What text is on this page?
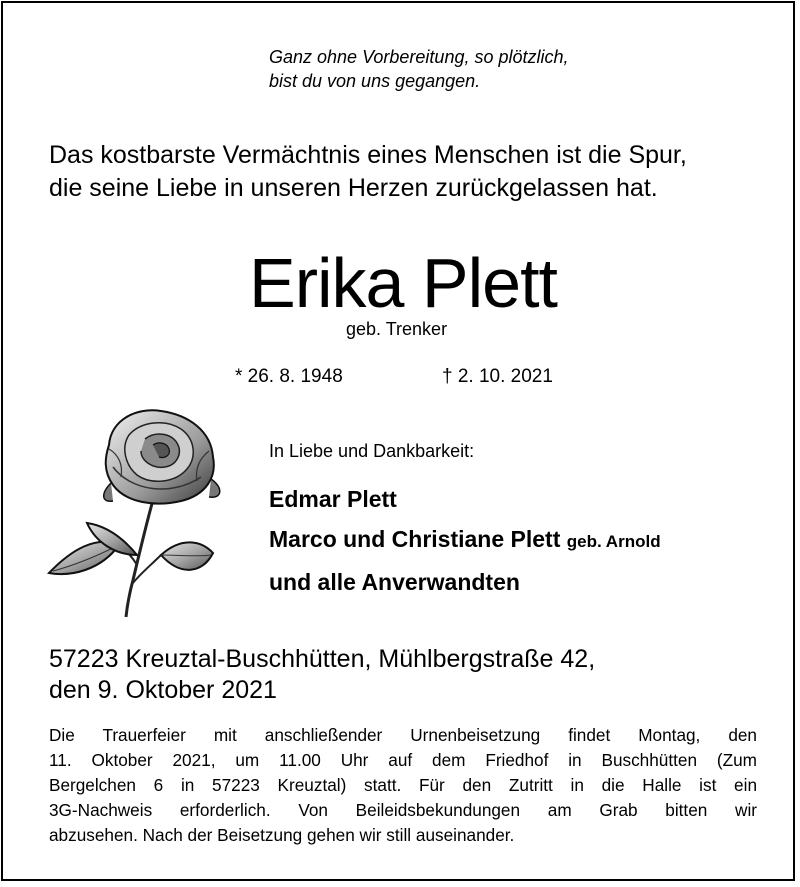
Ganz ohne Vorbereitung, so plötzlich,
bist du von uns gegangen.
Das kostbarste Vermächtnis eines Menschen ist die Spur,
die seine Liebe in unseren Herzen zurückgelassen hat.
Erika Plett
geb. Trenker
* 26. 8. 1948	† 2. 10. 2021
In Liebe und Dankbarkeit:
Edmar Plett
Marco und Christiane Plett geb. Arnold
und alle Anverwandten
57223 Kreuztal-Buschhütten, Mühlbergstraße 42,
den 9. Oktober 2021
Die Trauerfeier mit anschließender Urnenbeisetzung findet Montag, den
11. Oktober 2021, um 11.00 Uhr auf dem Friedhof in Buschhütten (Zum
Bergelchen 6 in 57223 Kreuztal) statt. Für den Zutritt in die Halle ist ein
3G-Nachweis erforderlich. Von Beileidsbekundungen am Grab bitten wir
abzusehen. Nach der Beisetzung gehen wir still auseinander.
